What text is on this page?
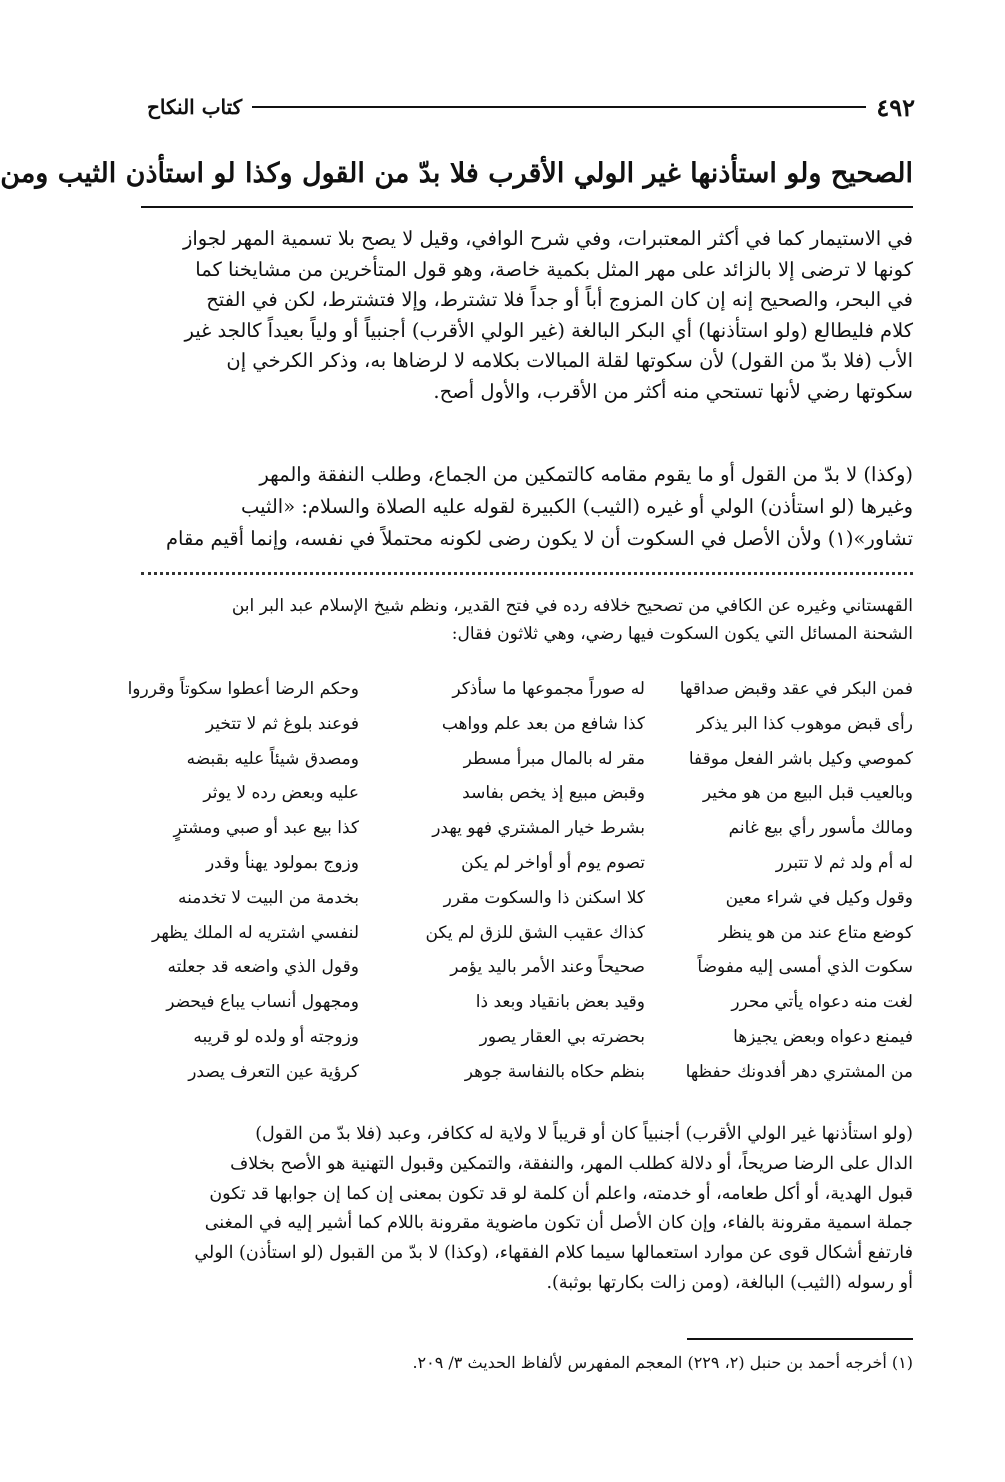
٤٩٢
كتاب النكاح
الصحيح ولو استأذنها غير الولي الأقرب فلا بدّ من القول وكذا لو استأذن الثيب ومن

في الاستيمار كما في أكثر المعتبرات، وفي شرح الوافي، وقيل لا يصح بلا تسمية المهر لجواز

كونها لا ترضى إلا بالزائد على مهر المثل بكمية خاصة، وهو قول المتأخرين من مشايخنا كما

في البحر، والصحيح إنه إن كان المزوج أباً أو جداً فلا تشترط، وإلا فتشترط، لكن في الفتح

كلام فليطالع (ولو استأذنها) أي البكر البالغة (غير الولي الأقرب) أجنبياً أو ولياً بعيداً كالجد غير

الأب (فلا بدّ من القول) لأن سكوتها لقلة المبالات بكلامه لا لرضاها به، وذكر الكرخي إن

سكوتها رضي لأنها تستحي منه أكثر من الأقرب، والأول أصح.

(وكذا) لا بدّ من القول أو ما يقوم مقامه كالتمكين من الجماع، وطلب النفقة والمهر

وغيرها (لو استأذن) الولي أو غيره (الثيب) الكبيرة لقوله عليه الصلاة والسلام: «الثيب

تشاور»(١) ولأن الأصل في السكوت أن لا يكون رضى لكونه محتملاً في نفسه، وإنما أقيم مقام

القهستاني وغيره عن الكافي من تصحيح خلافه رده في فتح القدير، ونظم شيخ الإسلام عبد البر ابن

الشحنة المسائل التي يكون السكوت فيها رضي، وهي ثلاثون فقال:

فمن البكر في عقد وقبض صداقها
له صوراً مجموعها ما سأذكر
وحكم الرضا أعطوا سكوتاً وقرروا
رأى قبض موهوب كذا البر يذكر
كذا شافع من بعد علم وواهب
فوعند بلوغ ثم لا تتخير
كموصي وكيل باشر الفعل موقفا
مقر له بالمال مبرأ مسطر
ومصدق شيئاً عليه بقبضه
وبالعيب قبل البيع من هو مخير
وقبض مبيع إذ يخص بفاسد
عليه وبعض رده لا يوثر
ومالك مأسور رأي بيع غانم
بشرط خيار المشتري فهو يهدر
كذا بيع عبد أو صبي ومشترٍ
له أم ولد ثم لا تتبرر
تصوم يوم أو أواخر لم يكن
وزوج بمولود يهنأ وقدر
وقول وكيل في شراء معين
كلا اسكنن ذا والسكوت مقرر
بخدمة من البيت لا تخدمنه
كوضع متاع عند من هو ينظر
كذاك عقيب الشق للزق لم يكن
لنفسي اشتريه له الملك يظهر
سكوت الذي أمسى إليه مفوضاً
صحيحاً وعند الأمر باليد يؤمر
وقول الذي واضعه قد جعلته
لغت منه دعواه يأتي محرر
وقيد بعض بانقياد وبعد ذا
ومجهول أنساب يباع فيحضر
فيمنع دعواه وبعض يجيزها
بحضرته بي العقار يصور
وزوجته أو ولده لو قريبه
من المشتري دهر أفدونك حفظها
بنظم حكاه بالنفاسة جوهر
كرؤية عين التعرف يصدر

(ولو استأذنها غير الولي الأقرب) أجنبياً كان أو قريباً لا ولاية له ككافر، وعبد (فلا بدّ من القول)

الدال على الرضا صريحاً، أو دلالة كطلب المهر، والنفقة، والتمكين وقبول التهنية هو الأصح بخلاف

قبول الهدية، أو أكل طعامه، أو خدمته، واعلم أن كلمة لو قد تكون بمعنى إن كما إن جوابها قد تكون

جملة اسمية مقرونة بالفاء، وإن كان الأصل أن تكون ماضوية مقرونة باللام كما أشير إليه في المغنى

فارتفع أشكال قوى عن موارد استعمالها سيما كلام الفقهاء، (وكذا) لا بدّ من القبول (لو استأذن) الولي

أو رسوله (الثيب) البالغة، (ومن زالت بكارتها بوثبة).

(١) أخرجه أحمد بن حنبل (٢، ٢٢٩) المعجم المفهرس لألفاظ الحديث ٣/ ٢٠٩.
